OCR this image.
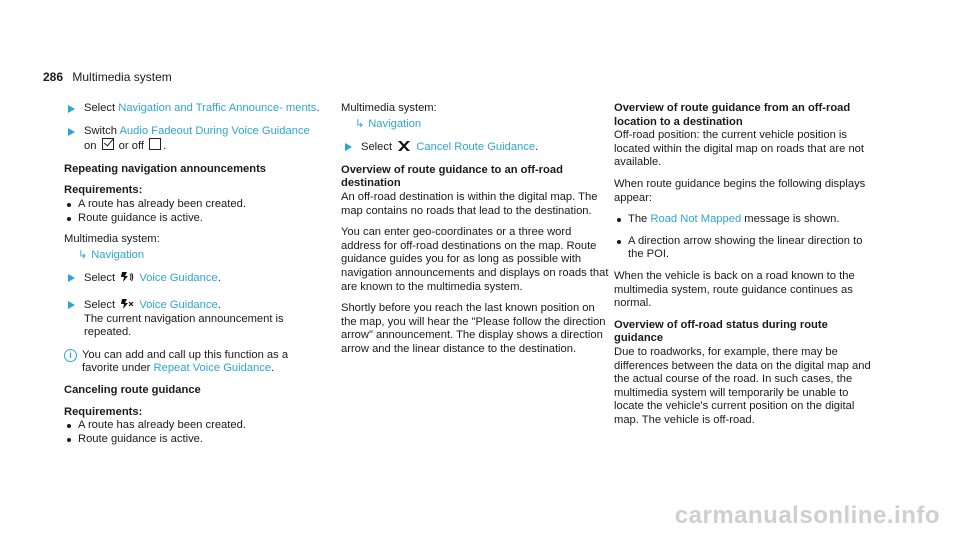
286 Multimedia system
Select Navigation and Traffic Announce- ments.
Switch Audio Fadeout During Voice Guidance
on or off .
Repeating navigation announcements
Requirements:
A route has already been created.
Route guidance is active.
Multimedia system:
↳ Navigation
Select  Voice Guidance.
Select  Voice Guidance.
The current navigation announcement is repeated.
i You can add and call up this function as a favorite under Repeat Voice Guidance.
Canceling route guidance
Requirements:
A route has already been created.
Route guidance is active.
Multimedia system:
↳ Navigation
Select  Cancel Route Guidance.
Overview of route guidance to an off-road destination
An off-road destination is within the digital map. The map contains no roads that lead to the destination.
You can enter geo-coordinates or a three word address for off-road destinations on the map. Route guidance guides you for as long as possible with navigation announcements and displays on roads that are known to the multimedia system.
Shortly before you reach the last known position on the map, you will hear the "Please follow the direction arrow" announcement. The display shows a direction arrow and the linear distance to the destination.
Overview of route guidance from an off-road location to a destination
Off-road position: the current vehicle position is located within the digital map on roads that are not available.
When route guidance begins the following displays appear:
The Road Not Mapped message is shown.
A direction arrow showing the linear direction to the POI.
When the vehicle is back on a road known to the multimedia system, route guidance continues as normal.
Overview of off-road status during route guidance
Due to roadworks, for example, there may be differences between the data on the digital map and the actual course of the road. In such cases, the multimedia system will temporarily be unable to locate the vehicle's current position on the digital map. The vehicle is off-road.
carmanualsonline.info
